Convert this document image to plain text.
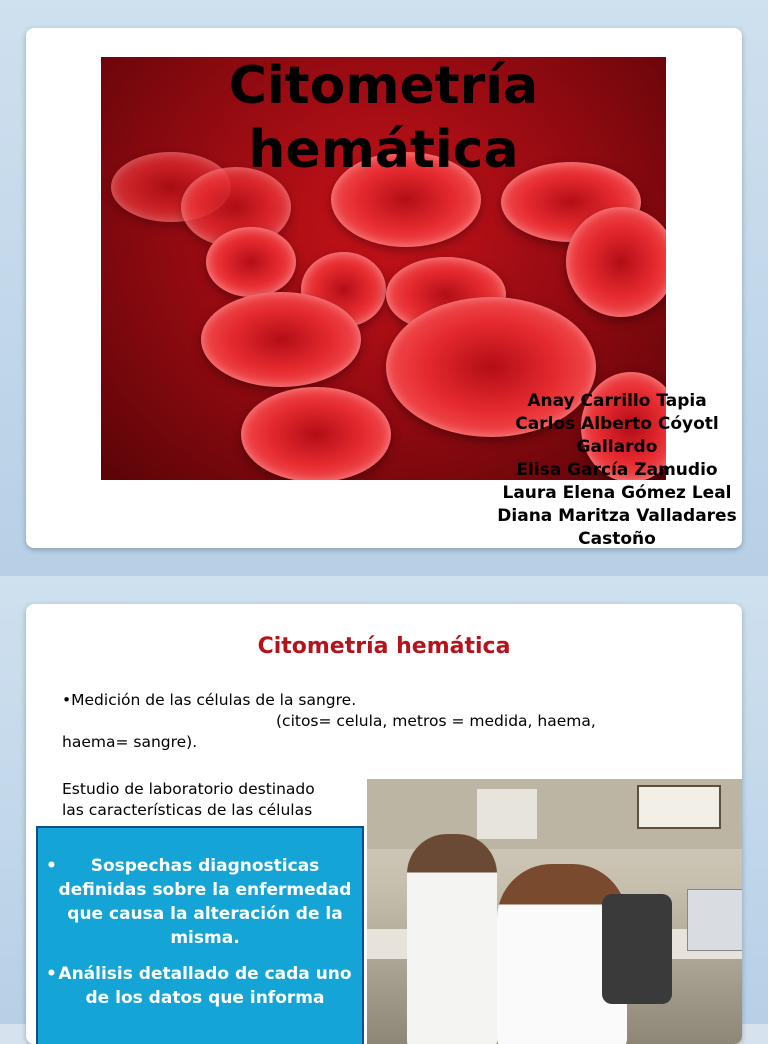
Citometría
hemática
Anay Carrillo Tapia
Carlos Alberto Cóyotl
Gallardo
Elisa García Zamudio
Laura Elena Gómez Leal
Diana Maritza Valladares
Castoño
Citometría hemática

•Medición de las células de la sangre.
(citos= celula, metros = medida, haema,
haema= sangre).

Estudio de laboratorio destinado
las características de las células

• Sospechas diagnosticas definidas sobre la enfermedad que causa la alteración de la misma.
• Análisis detallado de cada uno de los datos que informa
